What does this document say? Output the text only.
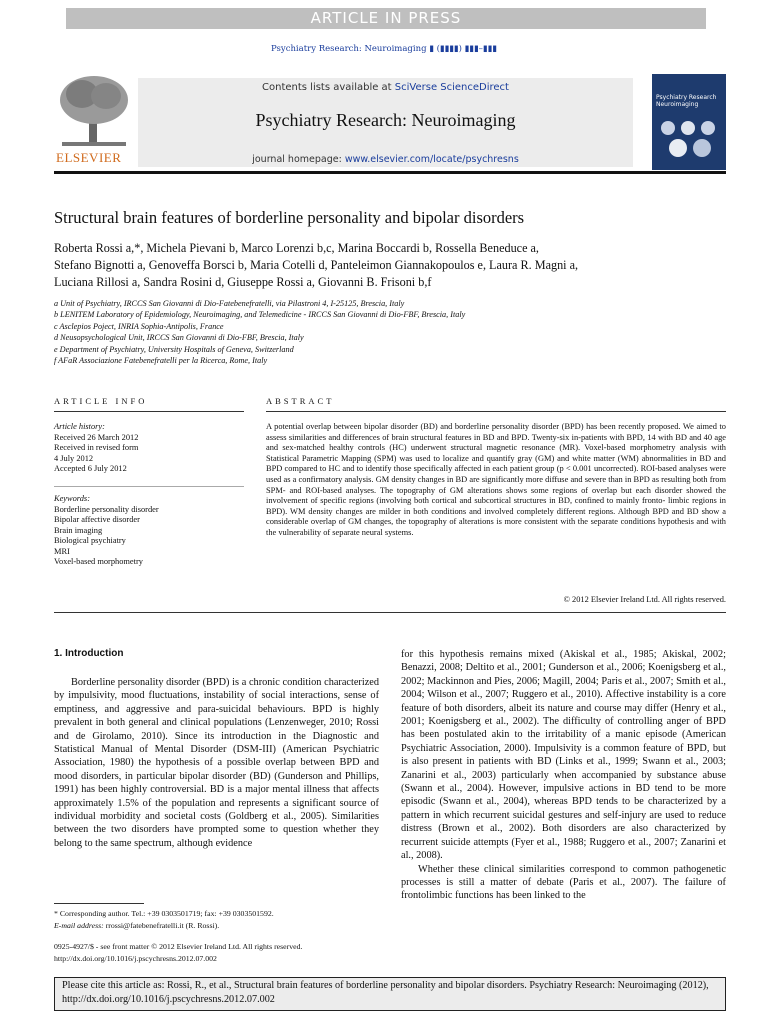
ARTICLE IN PRESS
Psychiatry Research: Neuroimaging ▮ (▮▮▮▮) ▮▮▮–▮▮▮
ELSEVIER
Contents lists available at SciVerse ScienceDirect
Psychiatry Research: Neuroimaging
journal homepage: www.elsevier.com/locate/psychresns
Psychiatry Research Neuroimaging
Structural brain features of borderline personality and bipolar disorders
Roberta Rossi a,*, Michela Pievani b, Marco Lorenzi b,c, Marina Boccardi b, Rossella Beneduce a,
Stefano Bignotti a, Genoveffa Borsci b, Maria Cotelli d, Panteleimon Giannakopoulos e, Laura R. Magni a,
Luciana Rillosi a, Sandra Rosini d, Giuseppe Rossi a, Giovanni B. Frisoni b,f
a Unit of Psychiatry, IRCCS San Giovanni di Dio-Fatebenefratelli, via Pilastroni 4, I-25125, Brescia, Italy
b LENITEM Laboratory of Epidemiology, Neuroimaging, and Telemedicine - IRCCS San Giovanni di Dio-FBF, Brescia, Italy
c Asclepios Poject, INRIA Sophia-Antipolis, France
d Neusopsychological Unit, IRCCS San Giovanni di Dio-FBF, Brescia, Italy
e Department of Psychiatry, University Hospitals of Geneva, Switzerland
f AFaR Associazione Fatebenefratelli per la Ricerca, Rome, Italy
ARTICLE INFO	ABSTRACT
Article history:
Received 26 March 2012
Received in revised form
4 July 2012
Accepted 6 July 2012
Keywords:
Borderline personality disorder
Bipolar affective disorder
Brain imaging
Biological psychiatry
MRI
Voxel-based morphometry
A potential overlap between bipolar disorder (BD) and borderline personality disorder (BPD) has been recently proposed. We aimed to assess similarities and differences of brain structural features in BD and BPD. Twenty-six in-patients with BPD, 14 with BD and 40 age and sex-matched healthy controls (HC) underwent structural magnetic resonance (MR). Voxel-based morphometry analysis with Statistical Parametric Mapping (SPM) was used to localize and quantify gray (GM) and white matter (WM) abnormalities in BD and BPD compared to HC and to identify those specifically affected in each patient group (p < 0.001 uncorrected). ROI-based analyses were used as a confirmatory analysis. GM density changes in BD are significantly more diffuse and severe than in BPD as resulting both from SPM- and ROI-based analyses. The topography of GM alterations shows some regions of overlap but each disorder showed the involvement of specific regions (involving both cortical and subcortical structures in BD, confined to mainly fronto- limbic regions in BPD). WM density changes are milder in both conditions and involved completely different regions. Although BPD and BD show a considerable overlap of GM changes, the topography of alterations is more consistent with the separate conditions hypothesis and with the vulnerability of separate neural systems.
© 2012 Elsevier Ireland Ltd. All rights reserved.
1. Introduction

Borderline personality disorder (BPD) is a chronic condition characterized by impulsivity, mood fluctuations, instability of social interactions, sense of emptiness, and aggressive and para-suicidal behaviours. BPD is highly prevalent in both general and clinical populations (Lenzenweger, 2010; Rossi and de Girolamo, 2010). Since its introduction in the Diagnostic and Statistical Manual of Mental Disorder (DSM-III) (American Psychiatric Association, 1980) the hypothesis of a possible overlap between BPD and mood disorders, in particular bipolar disorder (BD) (Gunderson and Phillips, 1991) has been highly controversial. BD is a major mental illness that affects approximately 1.5% of the population and represents a significant source of individual morbidity and societal costs (Goldberg et al., 2005). Similarities between the two disorders have prompted some to question whether they belong to the same spectrum, although evidence

for this hypothesis remains mixed (Akiskal et al., 1985; Akiskal, 2002; Benazzi, 2008; Deltito et al., 2001; Gunderson et al., 2006; Koenigsberg et al., 2002; Mackinnon and Pies, 2006; Magill, 2004; Paris et al., 2007; Smith et al., 2004; Wilson et al., 2007; Ruggero et al., 2010). Affective instability is a core feature of both disorders, albeit its nature and course may differ (Henry et al., 2001; Koenigsberg et al., 2002). The difficulty of controlling anger of BPD has been postulated akin to the irritability of a manic episode (American Psychiatric Association, 2000). Impulsivity is a common feature of BPD, but is also present in patients with BD (Links et al., 1999; Swann et al., 2003; Zanarini et al., 2003) particularly when accompanied by substance abuse (Swann et al., 2004). However, impulsive actions in BD tend to be more episodic (Swann et al., 2004), whereas BPD tends to be characterized by a pattern in which recurrent suicidal gestures and self-injury are used to reduce distress (Brown et al., 2002). Both disorders are also characterized by recurrent suicide attempts (Fyer et al., 1988; Ruggero et al., 2007; Zanarini et al., 2008).

Whether these clinical similarities correspond to common pathogenetic processes is still a matter of debate (Paris et al., 2007). The failure of frontolimbic functions has been linked to the

* Corresponding author. Tel.: +39 0303501719; fax: +39 0303501592.
E-mail address: rrossi@fatebenefratelli.it (R. Rossi).
0925-4927/$ - see front matter © 2012 Elsevier Ireland Ltd. All rights reserved.
http://dx.doi.org/10.1016/j.pscychresns.2012.07.002
Please cite this article as: Rossi, R., et al., Structural brain features of borderline personality and bipolar disorders. Psychiatry Research: Neuroimaging (2012), http://dx.doi.org/10.1016/j.pscychresns.2012.07.002
